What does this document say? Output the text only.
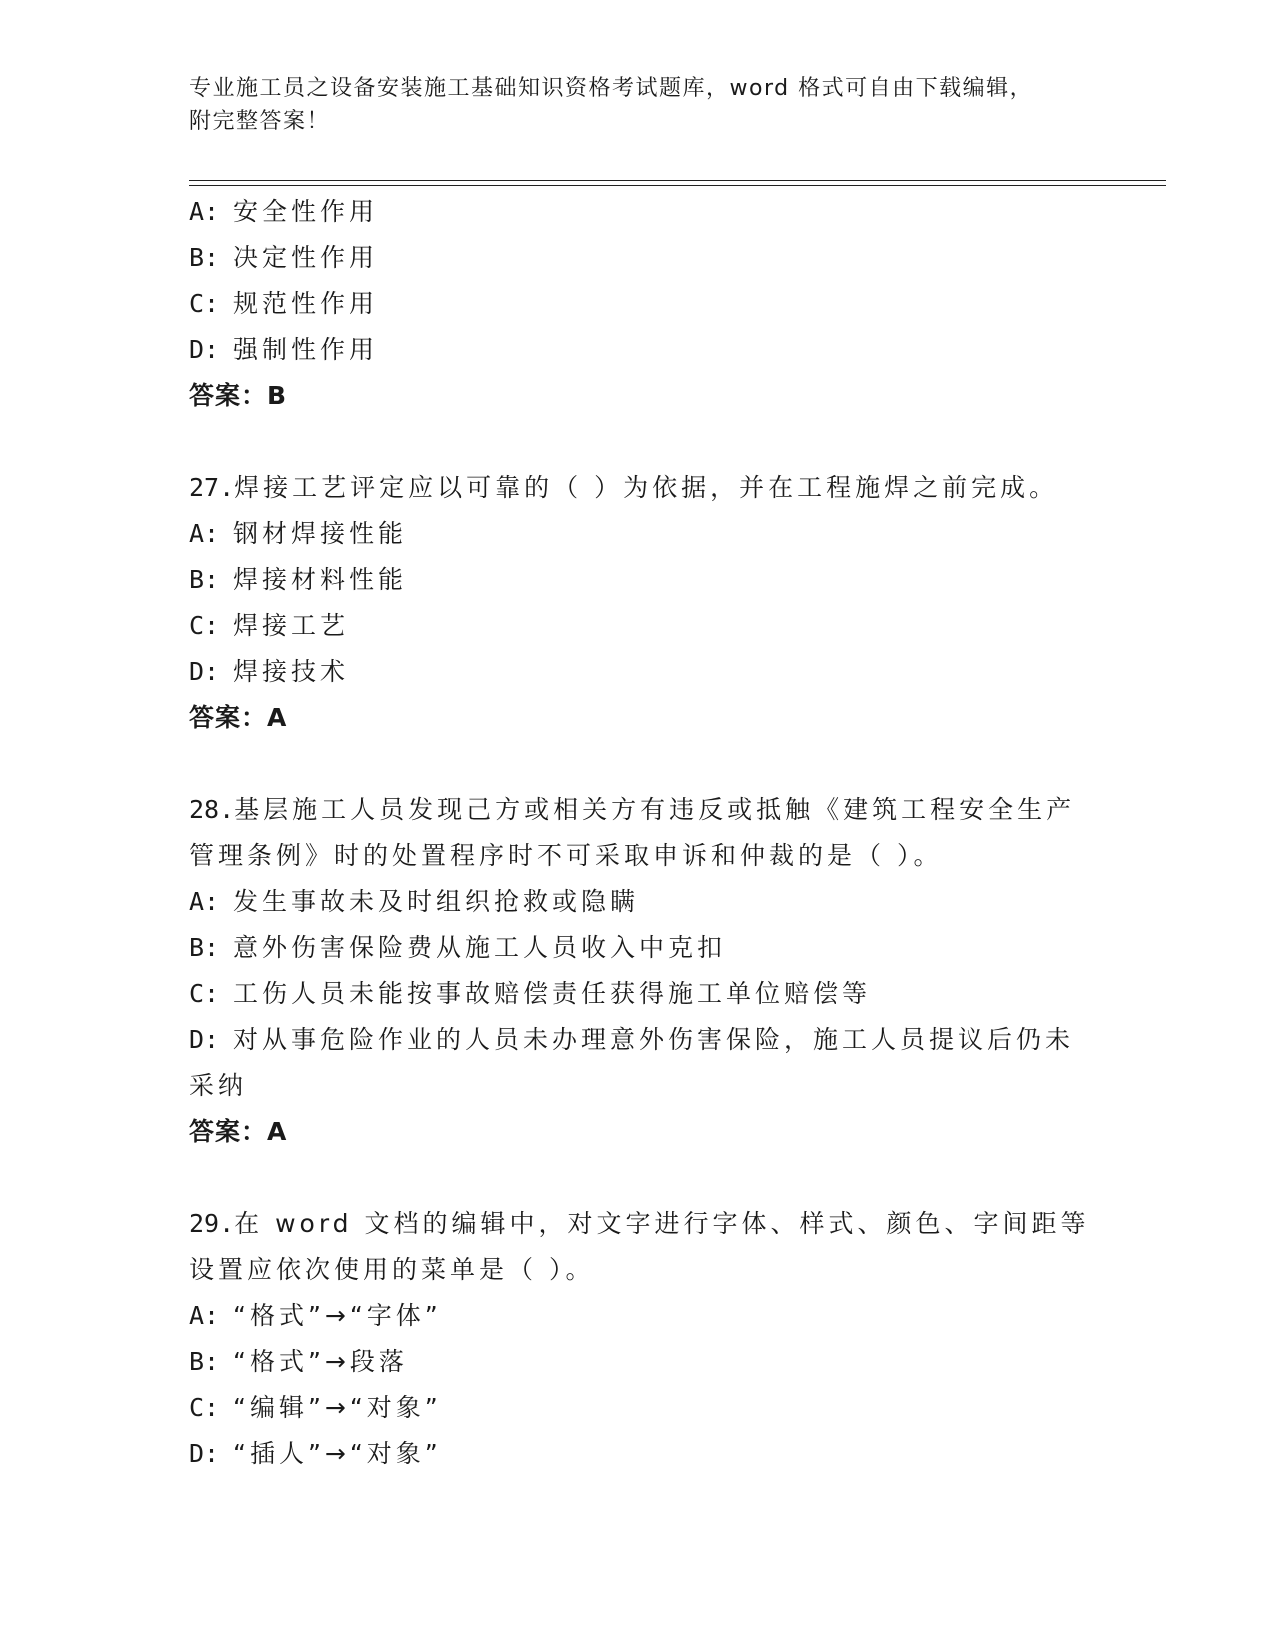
专业施工员之设备安装施工基础知识资格考试题库，word 格式可自由下载编辑，
附完整答案！
A: 安全性作用
B: 决定性作用
C: 规范性作用
D: 强制性作用
答案：B
27.焊接工艺评定应以可靠的（ ）为依据，并在工程施焊之前完成。
A: 钢材焊接性能
B: 焊接材料性能
C: 焊接工艺
D: 焊接技术
答案：A
28.基层施工人员发现己方或相关方有违反或抵触《建筑工程安全生产
管理条例》时的处置程序时不可采取申诉和仲裁的是（ ）。
A: 发生事故未及时组织抢救或隐瞒
B: 意外伤害保险费从施工人员收入中克扣
C: 工伤人员未能按事故赔偿责任获得施工单位赔偿等
D: 对从事危险作业的人员未办理意外伤害保险，施工人员提议后仍未
采纳
答案：A
29.在 word 文档的编辑中，对文字进行字体、样式、颜色、字间距等
设置应依次使用的菜单是（ ）。
A: “格式”→“字体”
B: “格式”→段落
C: “编辑”→“对象”
D: “插人”→“对象”
